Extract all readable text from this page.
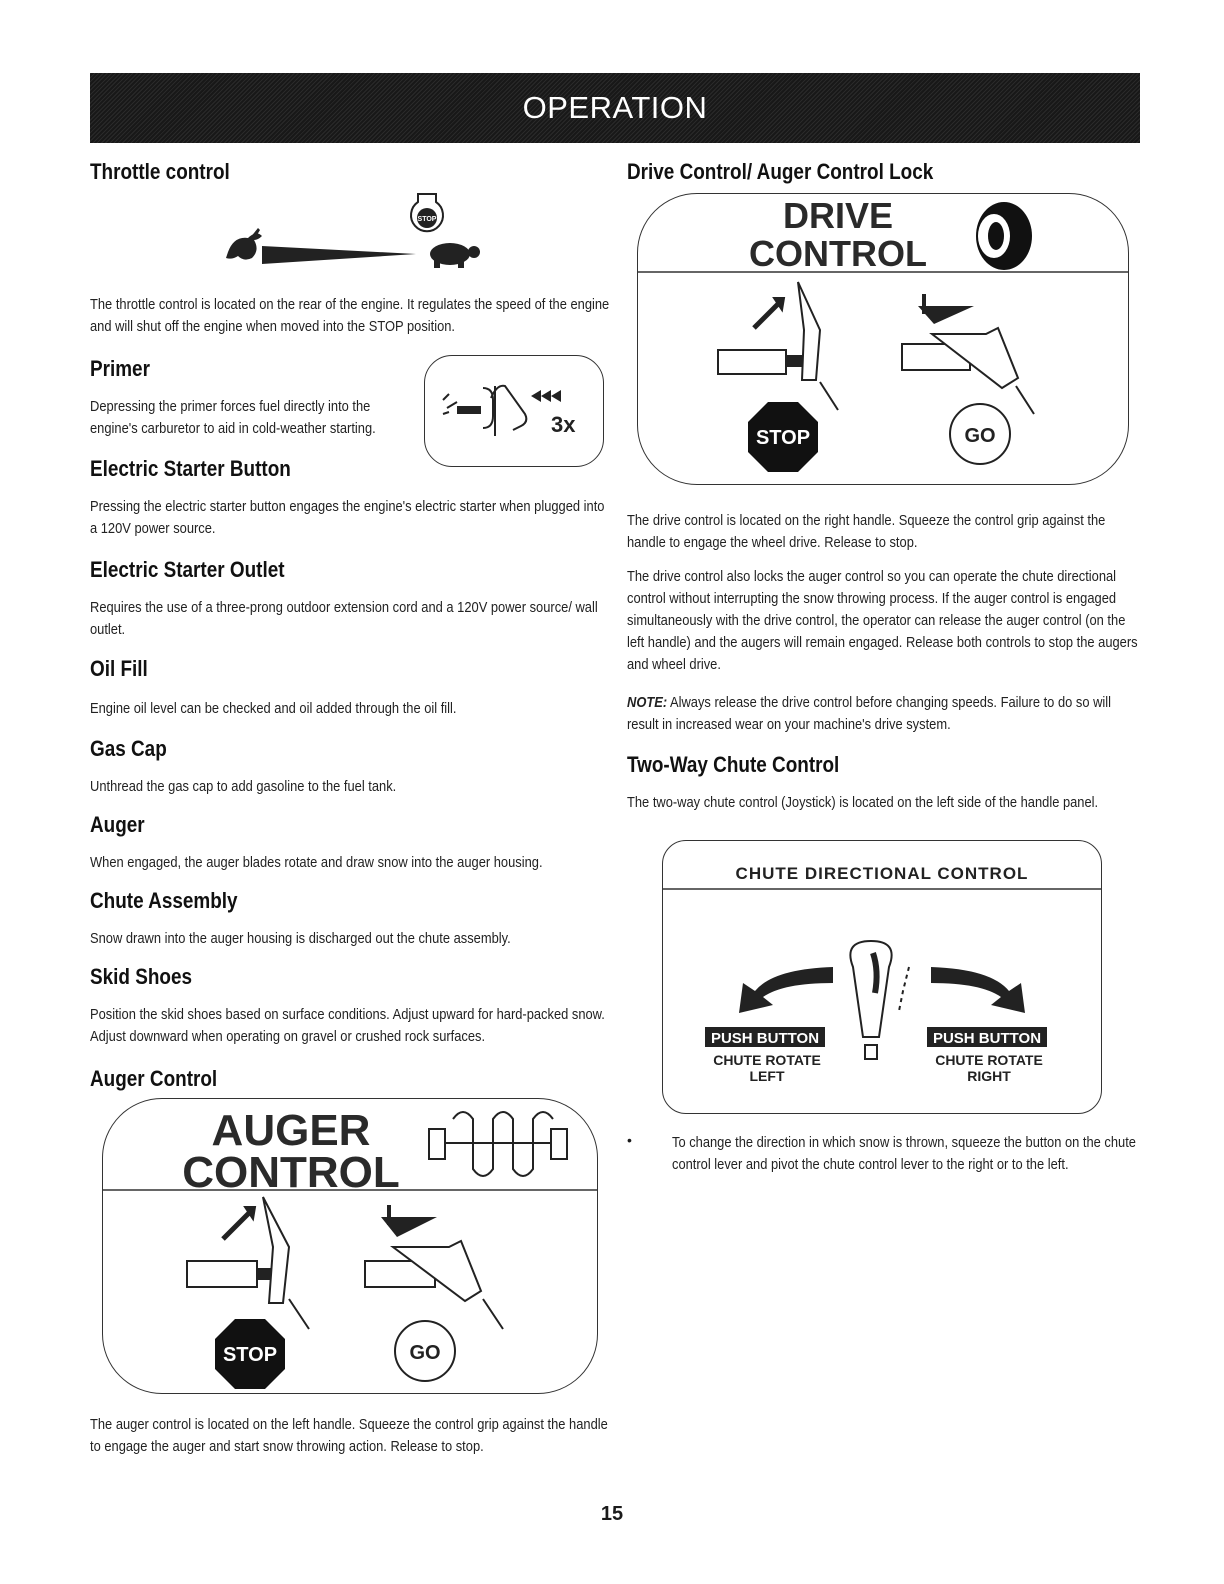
OPERATION
Throttle control
STOP

The throttle control is located on the rear of the engine. It regulates the speed of the engine and will shut off the engine when moved into the STOP position.

Primer

Depressing the primer forces fuel directly into the engine's carburetor to aid in cold-weather starting.	3x
Electric Starter Button

Pressing the electric starter button engages the engine's electric starter when plugged into a 120V power source.

Electric Starter Outlet

Requires the use of a three-prong outdoor extension cord and a 120V power source/ wall outlet.

Oil Fill

Engine oil level can be checked and oil added through the oil fill.

Gas Cap

Unthread the gas cap to add gasoline to the fuel tank.

Auger

When engaged, the auger blades rotate and draw snow into the auger housing.

Chute Assembly

Snow drawn into the auger housing is discharged out the chute assembly.

Skid Shoes

Position the skid shoes based on surface conditions. Adjust upward for hard-packed snow. Adjust downward when operating on gravel or crushed rock surfaces.

Auger Control
AUGER
CONTROL
STOP	GO

The auger control is located on the left handle. Squeeze the control grip against the handle to engage the auger and start snow throwing action. Release to stop.

Drive Control/ Auger Control Lock
DRIVE
CONTROL
STOP	GO

The drive control is located on the right handle. Squeeze the control grip against the handle to engage the wheel drive. Release to stop.

The drive control also locks the auger control so you can operate the chute directional control without interrupting the snow throwing process. If the auger control is engaged simultaneously with the drive control, the operator can release the auger control (on the left handle) and the augers will remain engaged. Release both controls to stop the augers and wheel drive.

NOTE: Always release the drive control before changing speeds. Failure to do so will result in increased wear on your machine's drive system.

Two-Way Chute Control

The two-way chute control (Joystick) is located on the left side of the handle panel.

CHUTE DIRECTIONAL CONTROL
PUSH BUTTON
CHUTE ROTATE
LEFT
PUSH BUTTON
CHUTE ROTATE
RIGHT
•	To change the direction in which snow is thrown, squeeze the button on the chute control lever and pivot the chute control lever to the right or to the left.

15
